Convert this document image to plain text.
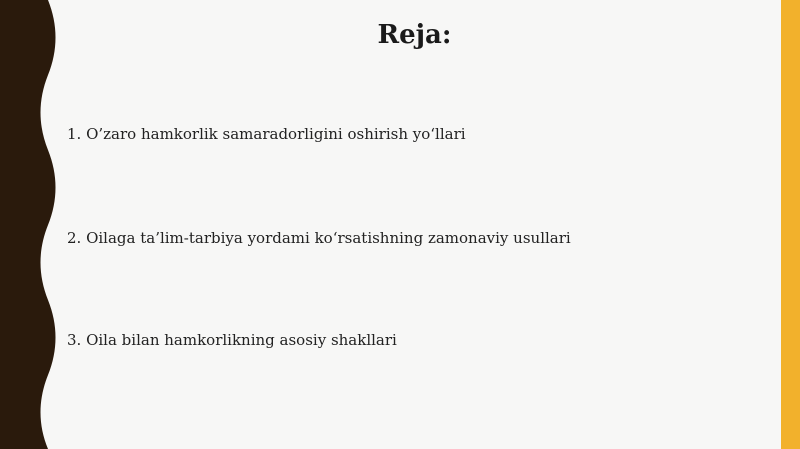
Reja:

1. O’zaro hamkorlik samaradorligini oshirish yo‘llari

2. Oilaga ta’lim-tarbiya yordami ko‘rsatishning zamonaviy usullari

3. Oila bilan hamkorlikning asosiy shakllari
